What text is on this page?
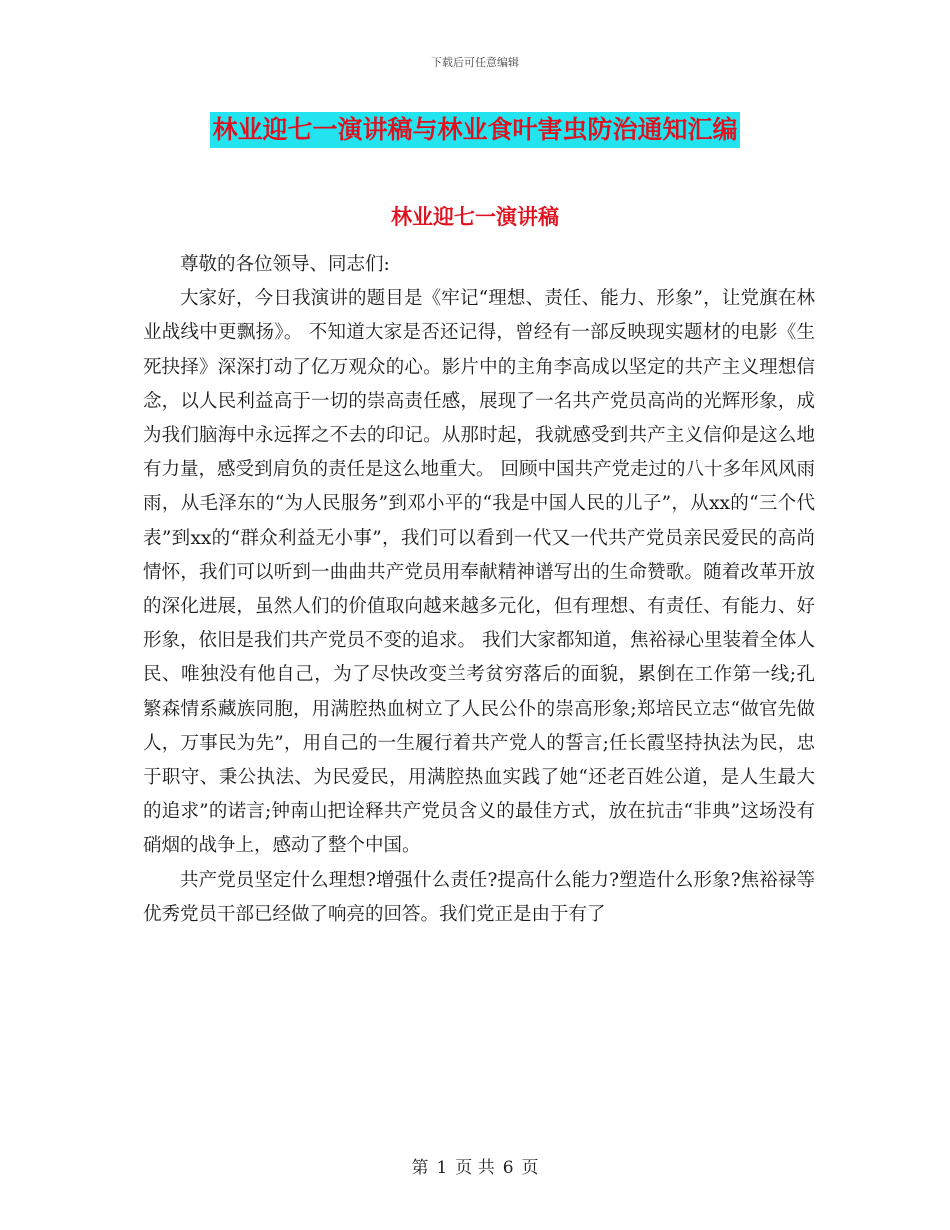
下载后可任意编辑
林业迎七一演讲稿与林业食叶害虫防治通知汇编
林业迎七一演讲稿

尊敬的各位领导、同志们:

大家好，今日我演讲的题目是《牢记“理想、责任、能力、形象”，让党旗在林业战线中更飘扬》。 不知道大家是否还记得，曾经有一部反映现实题材的电影《生死抉择》深深打动了亿万观众的心。影片中的主角李高成以坚定的共产主义理想信念，以人民利益高于一切的崇高责任感，展现了一名共产党员高尚的光辉形象，成为我们脑海中永远挥之不去的印记。从那时起，我就感受到共产主义信仰是这么地有力量，感受到肩负的责任是这么地重大。 回顾中国共产党走过的八十多年风风雨雨，从毛泽东的“为人民服务”到邓小平的“我是中国人民的儿子”，从xx的“三个代表”到xx的“群众利益无小事”，我们可以看到一代又一代共产党员亲民爱民的高尚情怀，我们可以听到一曲曲共产党员用奉献精神谱写出的生命赞歌。随着改革开放的深化进展，虽然人们的价值取向越来越多元化，但有理想、有责任、有能力、好形象，依旧是我们共产党员不变的追求。 我们大家都知道，焦裕禄心里装着全体人民、唯独没有他自己，为了尽快改变兰考贫穷落后的面貌，累倒在工作第一线;孔繁森情系藏族同胞，用满腔热血树立了人民公仆的崇高形象;郑培民立志“做官先做人，万事民为先”，用自己的一生履行着共产党人的誓言;任长霞坚持执法为民，忠于职守、秉公执法、为民爱民，用满腔热血实践了她“还老百姓公道，是人生最大的追求”的诺言;钟南山把诠释共产党员含义的最佳方式，放在抗击“非典”这场没有硝烟的战争上，感动了整个中国。

共产党员坚定什么理想?增强什么责任?提高什么能力?塑造什么形象?焦裕禄等优秀党员干部已经做了响亮的回答。我们党正是由于有了

第 1 页 共 6 页
